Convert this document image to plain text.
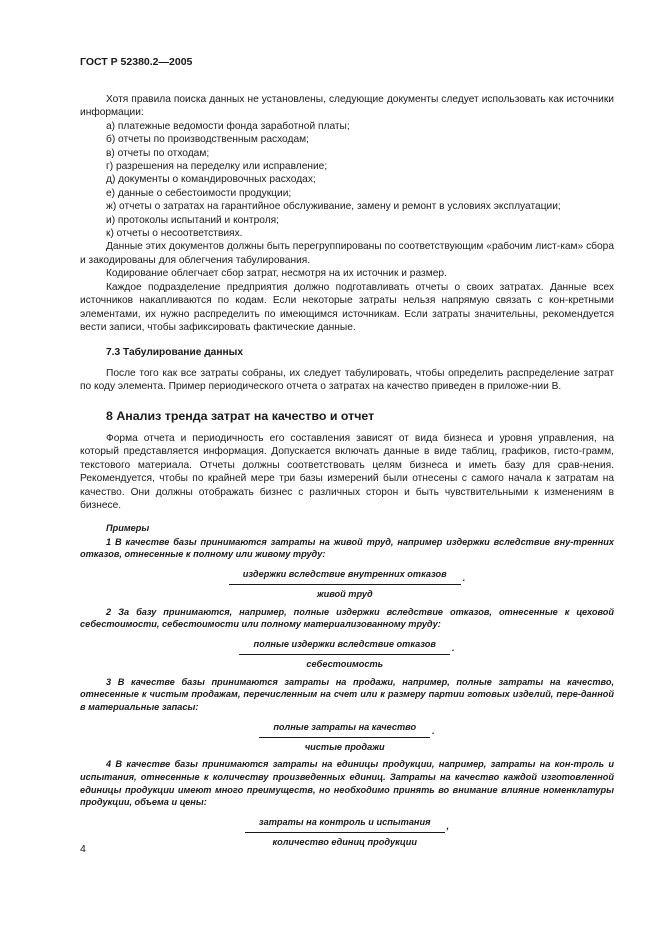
ГОСТ Р 52380.2—2005

Хотя правила поиска данных не установлены, следующие документы следует использовать как источники информации:

а) платежные ведомости фонда заработной платы;

б) отчеты по производственным расходам;

в) отчеты по отходам;

г) разрешения на переделку или исправление;

д) документы о командировочных расходах;

е) данные о себестоимости продукции;

ж) отчеты о затратах на гарантийное обслуживание, замену и ремонт в условиях эксплуатации;

и) протоколы испытаний и контроля;

к) отчеты о несоответствиях.

Данные этих документов должны быть перегруппированы по соответствующим «рабочим лист-кам» сбора и закодированы для облегчения табулирования.

Кодирование облегчает сбор затрат, несмотря на их источник и размер.

Каждое подразделение предприятия должно подготавливать отчеты о своих затратах. Данные всех источников накапливаются по кодам. Если некоторые затраты нельзя напрямую связать с кон-кретными элементами, их нужно распределить по имеющимся источникам. Если затраты значительны, рекомендуется вести записи, чтобы зафиксировать фактические данные.

7.3 Табулирование данных

После того как все затраты собраны, их следует табулировать, чтобы определить распределение затрат по коду элемента. Пример периодического отчета о затратах на качество приведен в приложе-нии В.

8 Анализ тренда затрат на качество и отчет

Форма отчета и периодичность его составления зависят от вида бизнеса и уровня управления, на который представляется информация. Допускается включать данные в виде таблиц, графиков, гисто-грамм, текстового материала. Отчеты должны соответствовать целям бизнеса и иметь базу для срав-нения. Рекомендуется, чтобы по крайней мере три базы измерений были отнесены с самого начала к затратам на качество. Они должны отображать бизнес с различных сторон и быть чувствительными к изменениям в бизнесе.

Примеры

1 В качестве базы принимаются затраты на живой труд, например издержки вследствие вну-тренних отказов, отнесенные к полному или живому труду:

$\frac{\text{издержки вследствие внутренних отказов}}{\text{живой труд}}$ .

2 За базу принимаются, например, полные издержки вследствие отказов, отнесенные к цеховой себестоимости, себестоимости или полному материализованному труду:

$\frac{\text{полные издержки вследствие отказов}}{\text{себестоимость}}$ .

3 В качестве базы принимаются затраты на продажи, например, полные затраты на качество, отнесенные к чистым продажам, перечисленным на счет или к размеру партии готовых изделий, пере-данной в материальные запасы:

$\frac{\text{полные затраты на качество}}{\text{чистые продажи}}$ .

4 В качестве базы принимаются затраты на единицы продукции, например, затраты на кон-троль и испытания, отнесенные к количеству произведенных единиц. Затраты на качество каждой изготовленной единицы продукции имеют много преимуществ, но необходимо принять во внимание влияние номенклатуры продукции, объема и цены:

$\frac{\text{затраты на контроль и испытания}}{\text{количество единиц продукции}}$ ,
4
